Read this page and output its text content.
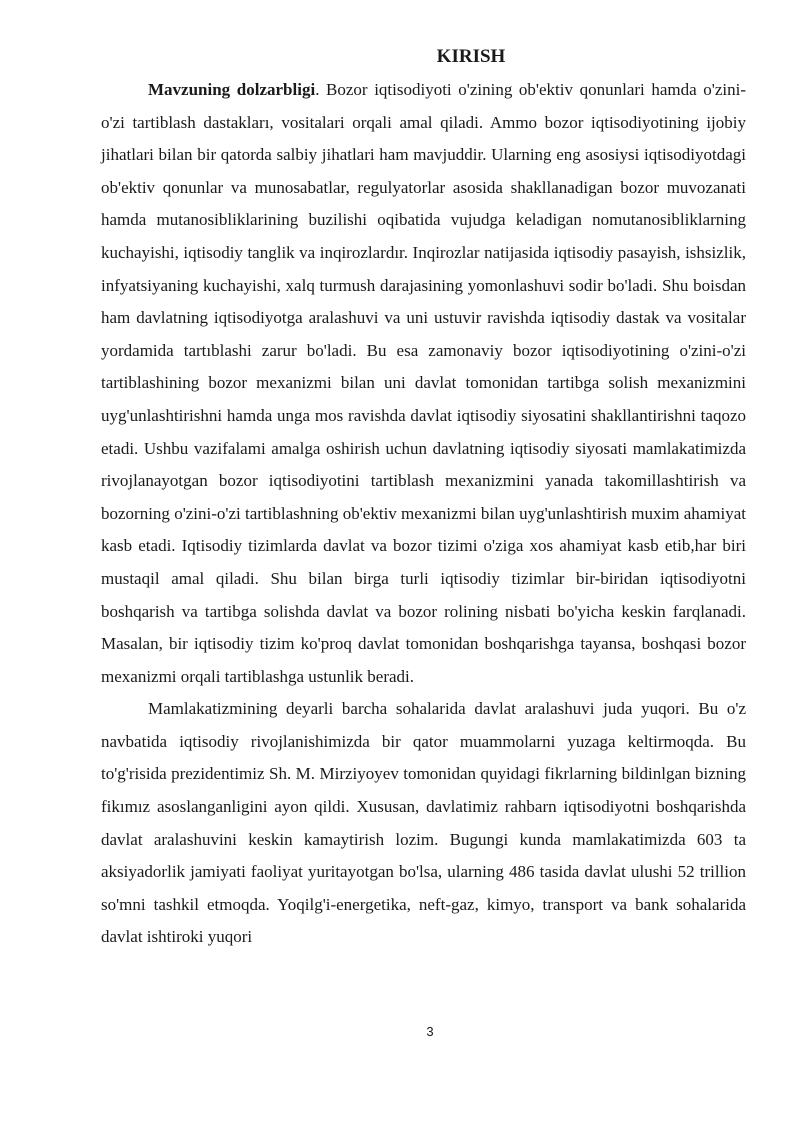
KIRISH

Mavzuning dolzarbligi. Bozor iqtisodiyoti o'zining ob'ektiv qonunlari hamda o'zini-o'zi tartiblash dastakları, vositalari orqali amal qiladi. Ammo bozor iqtisodiyotining ijobiy jihatlari bilan bir qatorda salbiy jihatlari ham mavjuddir. Ularning eng asosiysi iqtisodiyotdagi ob'ektiv qonunlar va munosabatlar, regulyatorlar asosida shakllanadigan bozor muvozanati hamda mutanosibliklarining buzilishi oqibatida vujudga keladigan nomutanosibliklarning kuchayishi, iqtisodiy tanglik va inqirozlardır. Inqirozlar natijasida iqtisodiy pasayish, ishsizlik, infyatsiyaning kuchayishi, xalq turmush darajasining yomonlashuvi sodir bo'ladi. Shu boisdan ham davlatning iqtisodiyotga aralashuvi va uni ustuvir ravishda iqtisodiy dastak va vositalar yordamida tartıblashi zarur bo'ladi. Bu esa zamonaviy bozor iqtisodiyotining o'zini-o'zi tartiblashining bozor mexanizmi bilan uni davlat tomonidan tartibga solish mexanizmini uyg'unlashtirishni hamda unga mos ravishda davlat iqtisodiy siyosatini shakllantirishni taqozo etadi. Ushbu vazifalami amalga oshirish uchun davlatning iqtisodiy siyosati mamlakatimizda rivojlanayotgan bozor iqtisodiyotini tartiblash mexanizmini yanada takomillashtirish va bozorning o'zini-o'zi tartiblashning ob'ektiv mexanizmi bilan uyg'unlashtirish muxim ahamiyat kasb etadi. Iqtisodiy tizimlarda davlat va bozor tizimi o'ziga xos ahamiyat kasb etib,har biri mustaqil amal qiladi. Shu bilan birga turli iqtisodiy tizimlar bir-biridan iqtisodiyotni boshqarish va tartibga solishda davlat va bozor rolining nisbati bo'yicha keskin farqlanadi. Masalan, bir iqtisodiy tizim ko'proq davlat tomonidan boshqarishga tayansa, boshqasi bozor mexanizmi orqali tartiblashga ustunlik beradi.

Mamlakatizmining deyarli barcha sohalarida davlat aralashuvi juda yuqori. Bu o'z navbatida iqtisodiy rivojlanishimizda bir qator muammolarni yuzaga keltirmoqda. Bu to'g'risida prezidentimiz Sh. M. Mirziyoyev tomonidan quyidagi fikrlarning bildinlgan bizning fikımız asoslanganligini ayon qildi. Xususan, davlatimiz rahbarn iqtisodiyotni boshqarishda davlat aralashuvini keskin kamaytirish lozim. Bugungi kunda mamlakatimizda 603 ta aksiyadorlik jamiyati faoliyat yuritayotgan bo'lsa, ularning 486 tasida davlat ulushi 52 trillion so'mni tashkil etmoqda. Yoqilg'i-energetika, neft-gaz, kimyo, transport va bank sohalarida davlat ishtiroki yuqori

3
